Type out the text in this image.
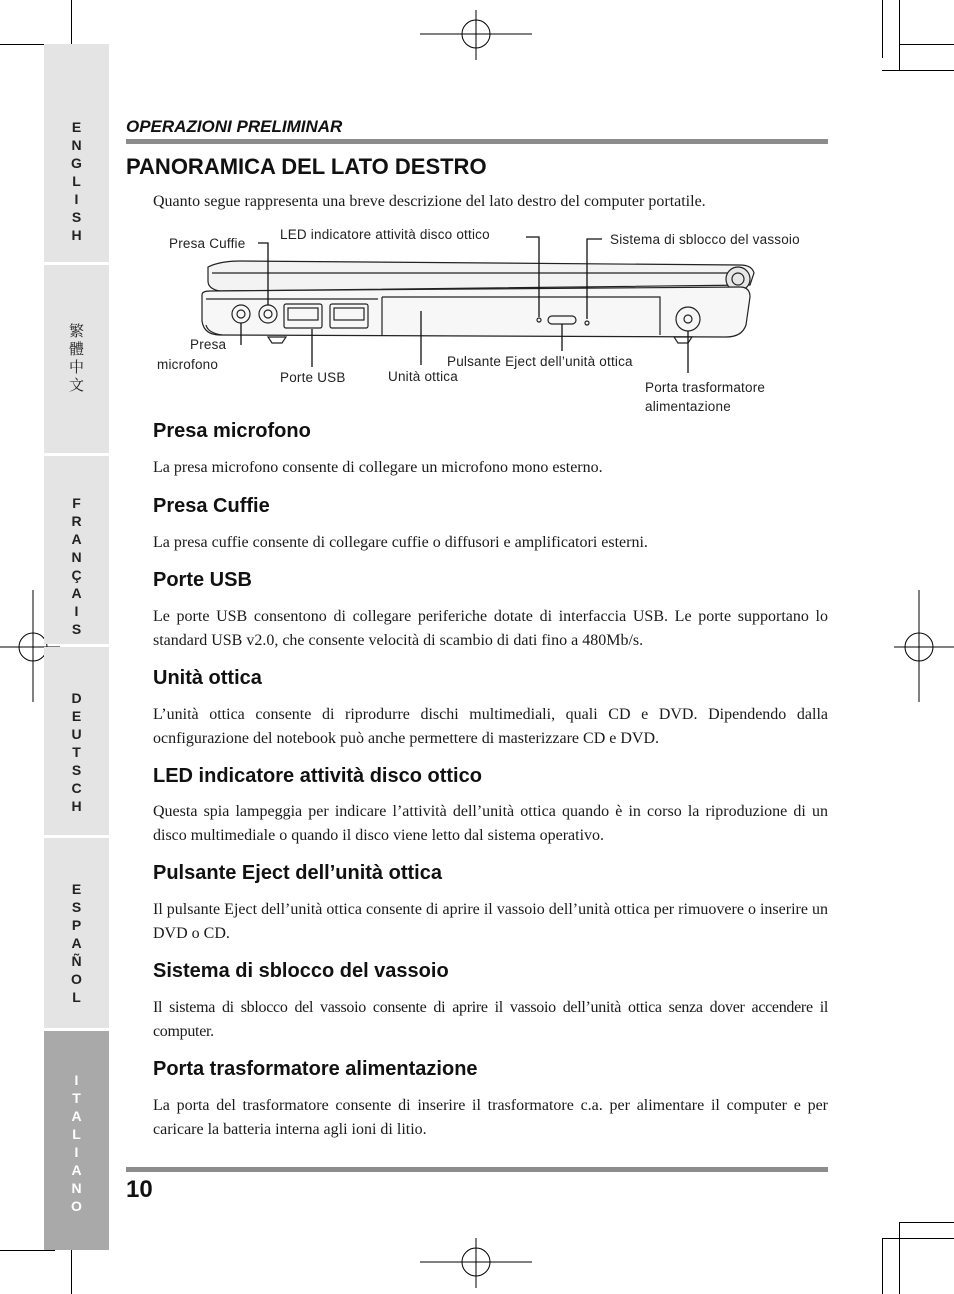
E
N
G
L
I
S
H
繁
體
中
文
F
R
A
N
Ç
A
I
S
D
E
U
T
S
C
H
E
S
P
A
Ñ
O
L
I
T
A
L
I
A
N
O
OPERAZIONI PRELIMINAR
PANORAMICA DEL LATO DESTRO
Quanto segue rappresenta una breve descrizione del lato destro del computer portatile.
Presa Cuffie
LED indicatore attività disco ottico	Sistema di sblocco del vassoio
Presa
microfono
Porte USB	Unità ottica
Pulsante Eject dell’unità ottica
Porta trasformatore
alimentazione
Presa microfono
La presa microfono consente di collegare un microfono mono esterno.
Presa Cuffie
La presa cuffie consente di collegare cuffie o diffusori e amplificatori esterni.
Porte USB
Le porte USB consentono di collegare periferiche dotate di interfaccia USB. Le porte supportano lo standard USB v2.0, che consente velocità di scambio di dati fino a 480Mb/s.
Unità ottica
L’unità ottica consente di riprodurre dischi multimediali, quali CD e DVD. Dipendendo dalla ocnfigurazione del notebook può anche permettere di masterizzare CD e DVD.
LED indicatore attività disco ottico
Questa spia lampeggia per indicare l’attività dell’unità ottica quando è in corso la riproduzione di un disco multimediale o quando il disco viene letto dal sistema operativo.
Pulsante Eject dell’unità ottica
Il pulsante Eject dell’unità ottica consente di aprire il vassoio dell’unità ottica per rimuovere o inserire un DVD o CD.
Sistema di sblocco del vassoio
Il sistema di sblocco del vassoio consente di aprire il vassoio dell’unità ottica senza dover accendere il computer.
Porta trasformatore alimentazione
La porta del trasformatore consente di inserire il trasformatore c.a. per alimentare il computer e per caricare la batteria interna agli ioni di litio.
10
